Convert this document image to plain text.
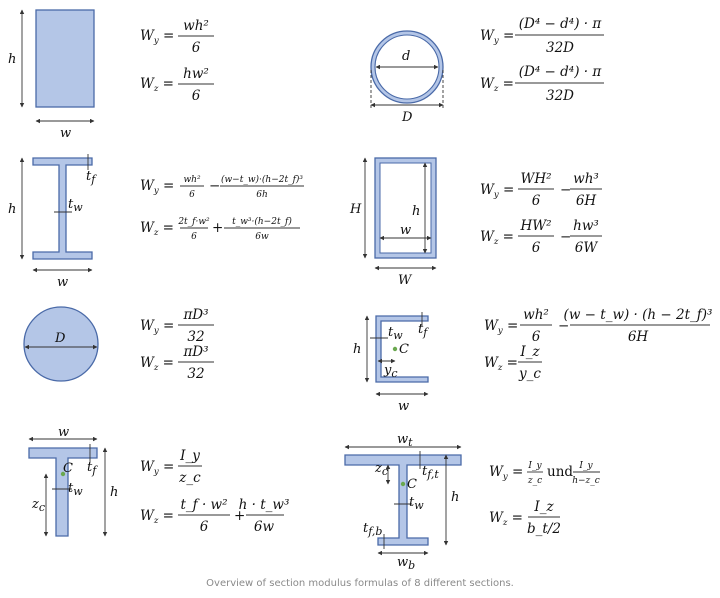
h
w
$W_y$ =
wh²
6
$W_z$ =
hw²
6
d
D
$W_y$ =
(D⁴ − d⁴) · π
32D
$W_z$ =
(D⁴ − d⁴) · π
32D
h
w
$t_f$
$t_w$
$W_y = wh^2$
6
− (w−t_w)·(h−2t_f)³
6h
$W_z$ = 2t_f·w²
6
+ t_w³·(h−2t_f)
6w
H	h
w
W
$W_y$ =
WH²
6
−
wh³
6H
$W_z$ =
HW²
6
−
hw³
6W
D
$W_y$ =
πD³
32
$W_z$ =
πD³
32
h
w
$t_w$ $t_f$
C
$y_c$
$W_y$ =
wh²
6
−
(w − t_w) · (h − 2t_f)³
6H
$W_z$ =
I_z
y_c
w
h
$t_f$
C
$t_w$
$z_c$
$W_y$ =
I_y
z_c
$W_z$ =
t_f · w²
6
+
h · t_w³
6w
$w_t$
h
$z_c$	$t_{f,t}$
C
$t_w$
$t_{f,b}$
$w_b$
$W_y$ = I_y
z_c
und I_y
h−z_c
$W_z$ =
I_z
b_t/2
Overview of section modulus formulas of 8 different sections.
